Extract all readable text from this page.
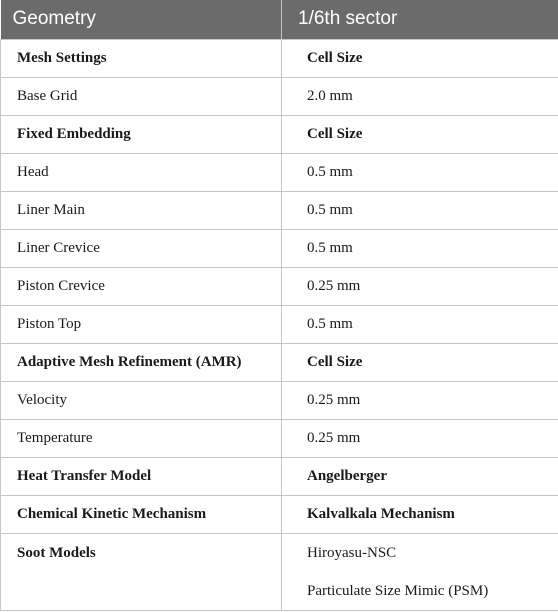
Geometry	1/6th sector
Mesh Settings	Cell Size
Base Grid	2.0 mm
Fixed Embedding	Cell Size
Head	0.5 mm
Liner Main	0.5 mm
Liner Crevice	0.5 mm
Piston Crevice	0.25 mm
Piston Top	0.5 mm
Adaptive Mesh Refinement (AMR)	Cell Size
Velocity	0.25 mm
Temperature	0.25 mm
Heat Transfer Model	Angelberger
Chemical Kinetic Mechanism	Kalvalkala Mechanism
Soot Models	Hiroyasu-NSC
Particulate Size Mimic (PSM)
